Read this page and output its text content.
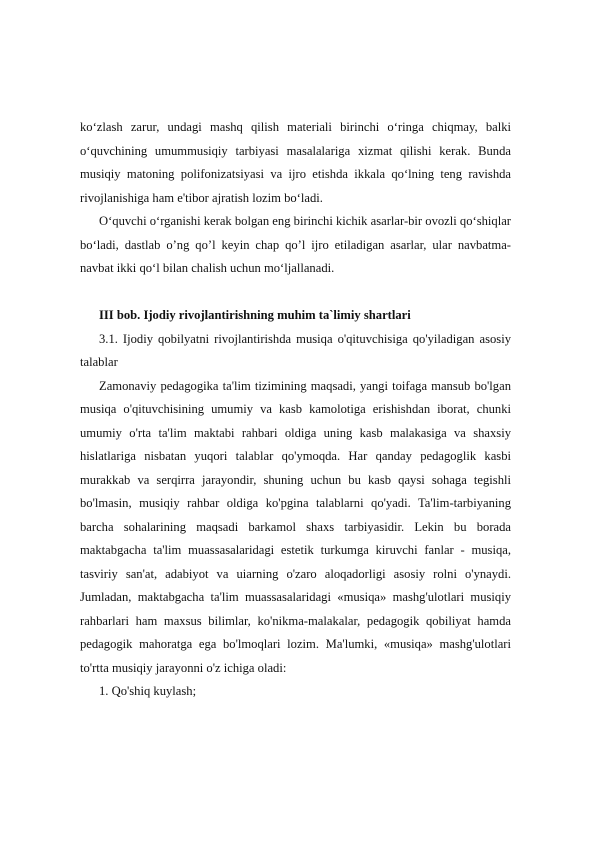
ko‘zlash zarur, undagi mashq qilish materiali birinchi o‘ringa chiqmay, balki o‘quvchining umummusiqiy tarbiyasi masalalariga xizmat qilishi kerak. Bunda musiqiy matoning polifonizatsiyasi va ijro etishda ikkala qo‘lning teng ravishda rivojlanishiga ham e'tibor ajratish lozim bo‘ladi.

O‘quvchi o‘rganishi kerak bolgan eng birinchi kichik asarlar-bir ovozli qo‘shiqlar bo‘ladi, dastlab o’ng qo’l keyin chap qo’l ijro etiladigan asarlar, ular navbatma- navbat ikki qo‘l bilan chalish uchun mo‘ljallanadi.

III bob. Ijodiy rivojlantirishning muhim ta`limiy shartlari

3.1. Ijodiy qobilyatni rivojlantirishda musiqa o'qituvchisiga qo'yiladigan asosiy talablar

Zamonaviy pedagogika ta'lim tizimining maqsadi, yangi toifaga mansub bo'lgan musiqa o'qituvchisining umumiy va kasb kamolotiga erishishdan iborat, chunki umumiy o'rta ta'lim maktabi rahbari oldiga uning kasb malakasiga va shaxsiy hislatlariga nisbatan yuqori talablar qo'ymoqda. Har qanday pedagoglik kasbi murakkab va serqirra jarayondir, shuning uchun bu kasb qaysi sohaga tegishli bo'lmasin, musiqiy rahbar oldiga ko'pgina talablarni qo'yadi. Ta'lim-tarbiyaning barcha sohalarining maqsadi barkamol shaxs tarbiyasidir. Lekin bu borada maktabgacha ta'lim muassasalaridagi estetik turkumga kiruvchi fanlar - musiqa, tasviriy san'at, adabiyot va uiarning o'zaro aloqadorligi asosiy rolni o'ynaydi. Jumladan, maktabgacha ta'lim muassasalaridagi «musiqa» mashg'ulotlari musiqiy rahbarlari ham maxsus bilimlar, ko'nikma-malakalar, pedagogik qobiliyat hamda pedagogik mahoratga ega bo'lmoqlari lozim. Ma'lumki, «musiqa» mashg'ulotlari to'rtta musiqiy jarayonni o'z ichiga oladi:

1. Qo'shiq kuylash;
